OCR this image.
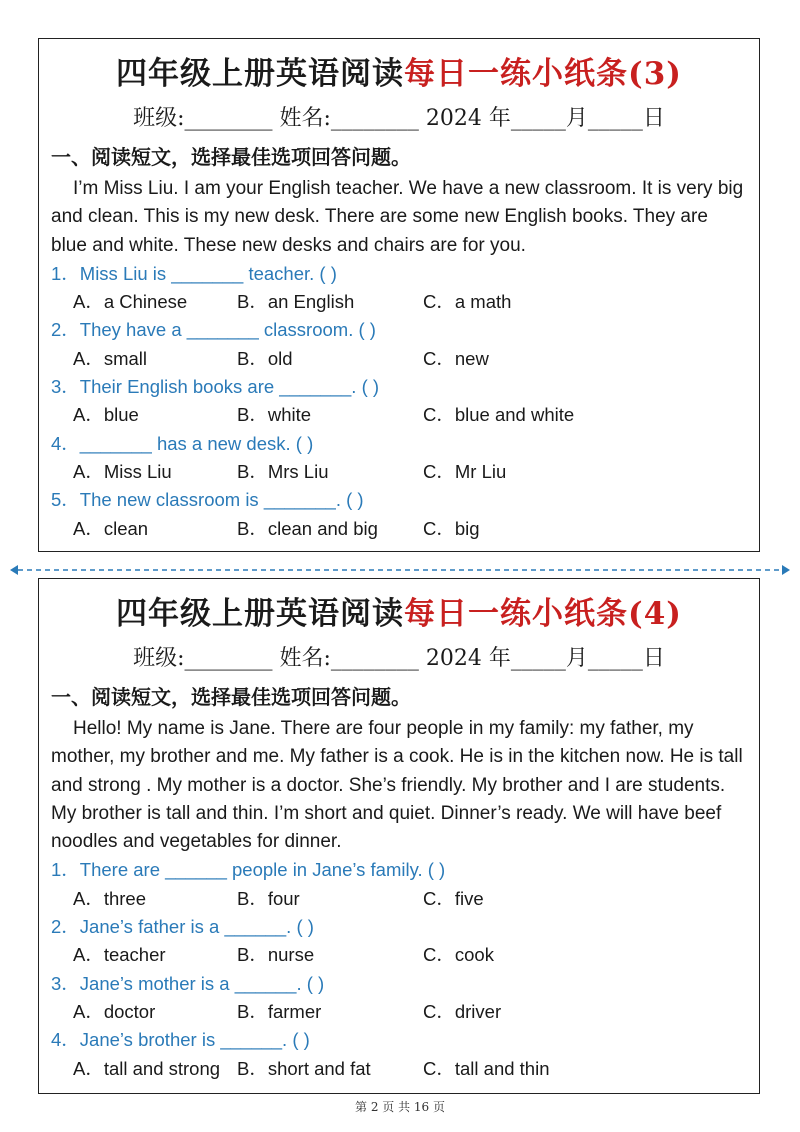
四年级上册英语阅读每日一练小纸条(3)
班级:________ 姓名:________ 2024 年_____月_____日
一、阅读短文，选择最佳选项回答问题。

I’m Miss Liu. I am your English teacher. We have a new classroom. It is very big and clean. This is my new desk. There are some new English books. They are blue and white. These new desks and chairs are for you.

1．Miss Liu is _______ teacher. ( )
A．a Chinese	B．an English	C．a math
2．They have a _______ classroom. ( )
A．small	B．old	C．new
3．Their English books are _______. ( )
A．blue	B．white	C．blue and white
4．_______ has a new desk. ( )
A．Miss Liu	B．Mrs Liu	C．Mr Liu
5．The new classroom is _______. ( )
A．clean	B．clean and big C．big
四年级上册英语阅读每日一练小纸条(4)
班级:________ 姓名:________ 2024 年_____月_____日
一、阅读短文，选择最佳选项回答问题。

Hello! My name is Jane. There are four people in my family: my father, my mother, my brother and me. My father is a cook. He is in the kitchen now. He is tall and strong . My mother is a doctor. She’s friendly. My brother and I are students. My brother is tall and thin. I’m short and quiet. Dinner’s ready. We will have beef noodles and vegetables for dinner.

1．There are ______ people in Jane’s family. ( )
A．three	B．four	C．five
2．Jane’s father is a ______. ( )
A．teacher	B．nurse	C．cook
3．Jane’s mother is a ______. ( )
A．doctor	B．farmer	C．driver
4．Jane’s brother is ______. ( )
A．tall and strong B．short and fat	C．tall and thin
第 2 页 共 16 页
